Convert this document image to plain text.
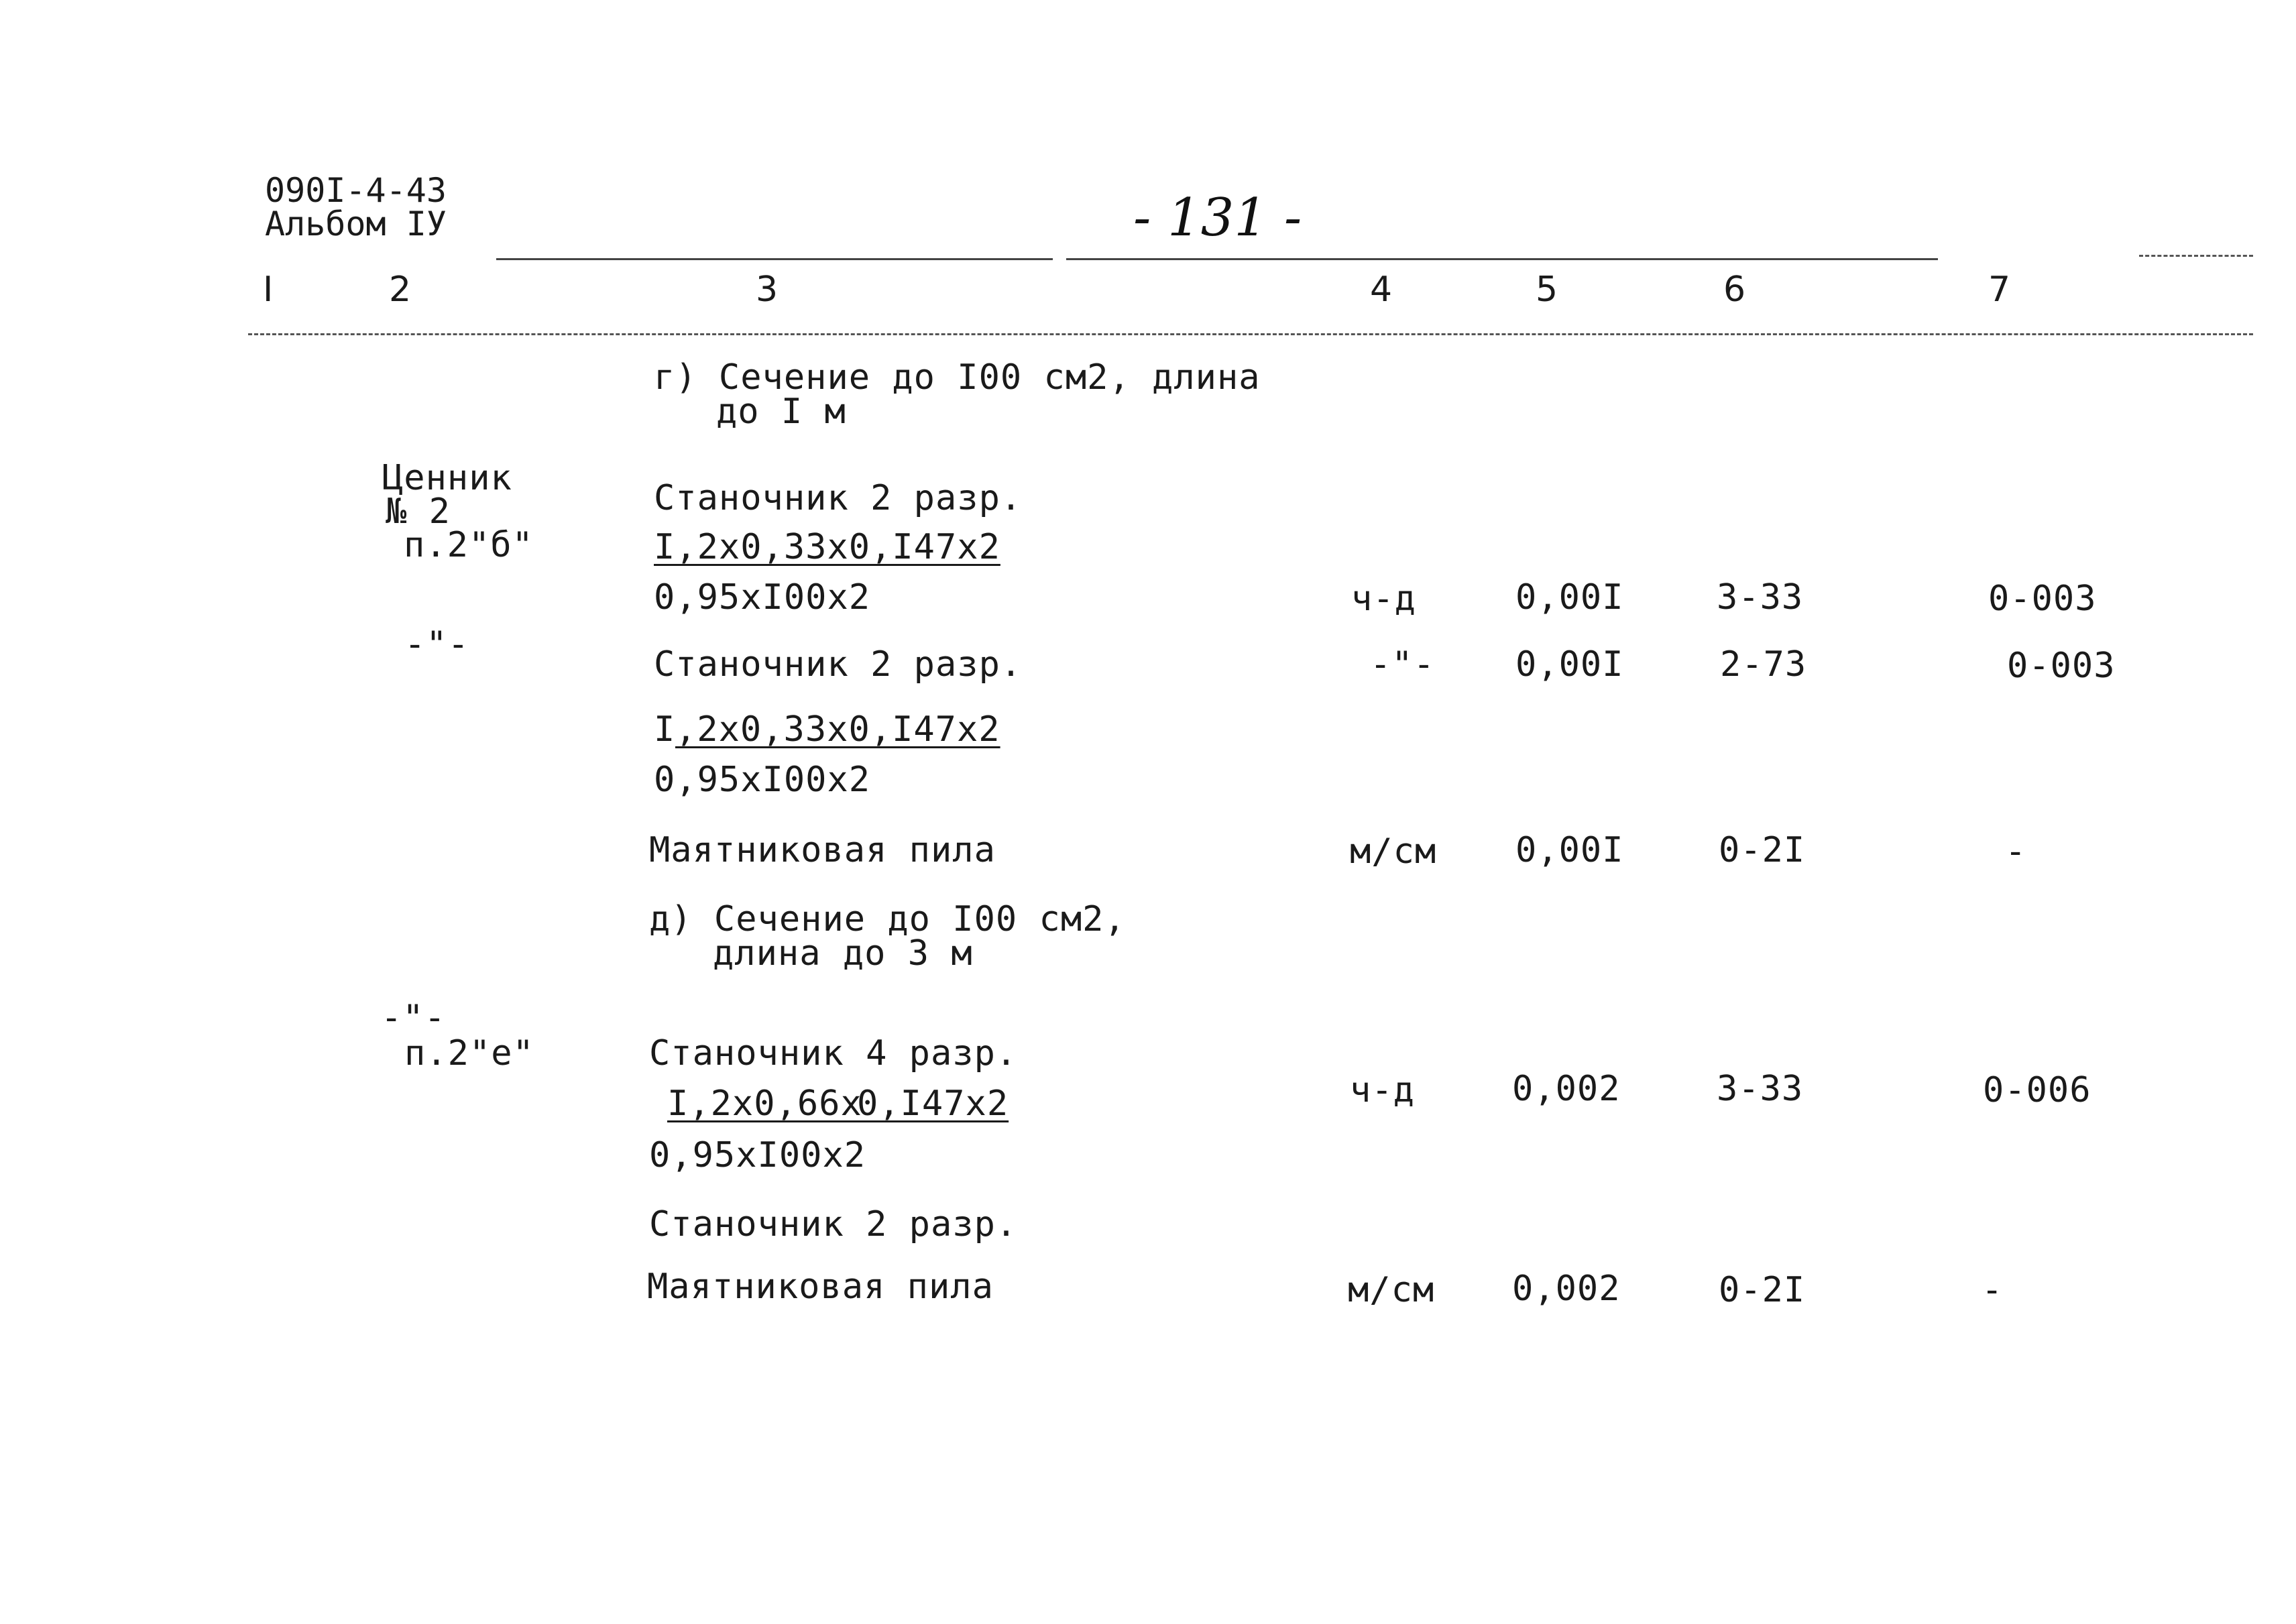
090I-4-43
Альбом IУ	- 131 -
I	2	3	4	5	6	7
г) Сечение до I00 см2, длина
до I м
Ценник
№ 2
п.2"б"
Станочник 2 разр.
I,2x0,33x0,I47x2
0,95xI00x2	ч-д	0,00I	3-33	0-003
-"-	Станочник 2 разр.	-"- 0,00I	2-73	0-003
I ,2x0,33x0,I47x2
0,95xI00x2
Маятниковая пила	м/см 0,00I	0-2I	-
д) Сечение до I00 см2,
длина до 3 м
-"-
п.2"е"	Станочник 4 разр.
I,2x0,66x
0,I47x2
0,95xI00x2
ч-д	0,002	3-33	0-006
Станочник 2 разр.
Маятниковая пила	м/см 0,002	0-2I	-
